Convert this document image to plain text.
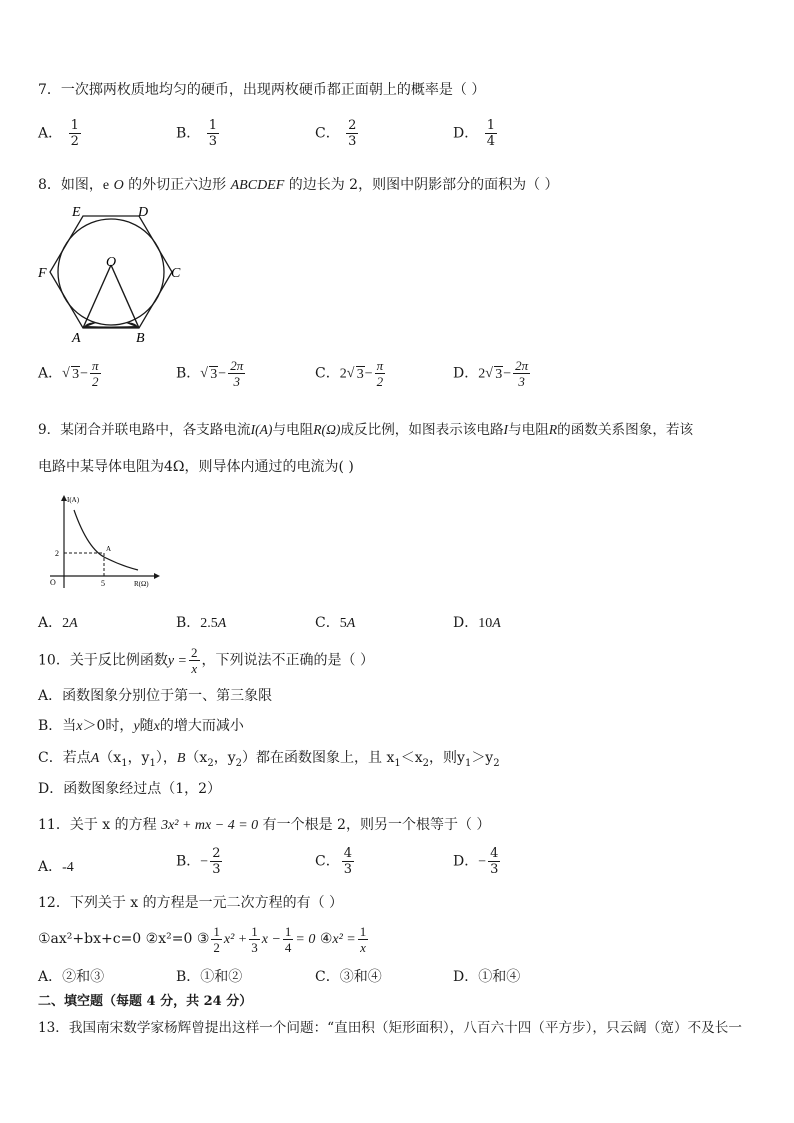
7．一次掷两枚质地均匀的硬币，出现两枚硬币都正面朝上的概率是（ ）
A． $\frac{1}{2}$	B． $\frac{1}{3}$	C． $\frac{2}{3}$	D． $\frac{1}{4}$
8．如图，e O 的外切正六边形 ABCDEF 的边长为 2，则图中阴影部分的面积为（ ）
E	D
F	C
O
A	B
A． √ $3- \frac{\pi}{2}$	B． √ $3- \frac{2\pi}{3}$	C．2 √ $3- \frac{\pi}{2}$	D．2 √ $3- \frac{2\pi}{3}$
9．某闭合并联电路中，各支路电流I(A)与电阻R(Ω)成反比例，如图表示该电路I与电阻R的函数关系图象，若该
电路中某导体电阻为4Ω，则导体内通过的电流为( )
I(A)
R(Ω)
O
2
5
A
A．2A	B．2.5A	C．5A	D．10A
10．关于反比例函数$y = \frac{2}{x}$ ，下列说法不正确的是（ ）
A．函数图象分别位于第一、第三象限
B．当x＞0时，y随x的增大而减小
C．若点$A(x_1$，$y_1$），$B(x_2$，$y_2$）都在函数图象上，且 $x_1<x_2$，则$y_1>y_2$
D．函数图象经过点（1，2）
11．关于 x 的方程 3x² + mx − 4 = 0 有一个根是 2，则另一个根等于（ ）
A．-4	B．− $\frac{2}{3}$	C． $\frac{4}{3}$	D．− $\frac{4}{3}$
12．下列关于 x 的方程是一元二次方程的有（ ）
①ax²+bx+c=0 ②x²=0 ③ $\frac{1}{2} x^2 + \frac{1}{3}$ $x - \frac{1}{4} = 0$ ④x² = $\frac{1}{x}$
A．②和③	B．①和②	C．③和④	D．①和④
二、填空题（每题 4 分，共 24 分）
13．我国南宋数学家杨辉曾提出这样一个问题：“直田积（矩形面积），八百六十四（平方步），只云阔（宽）不及长一
